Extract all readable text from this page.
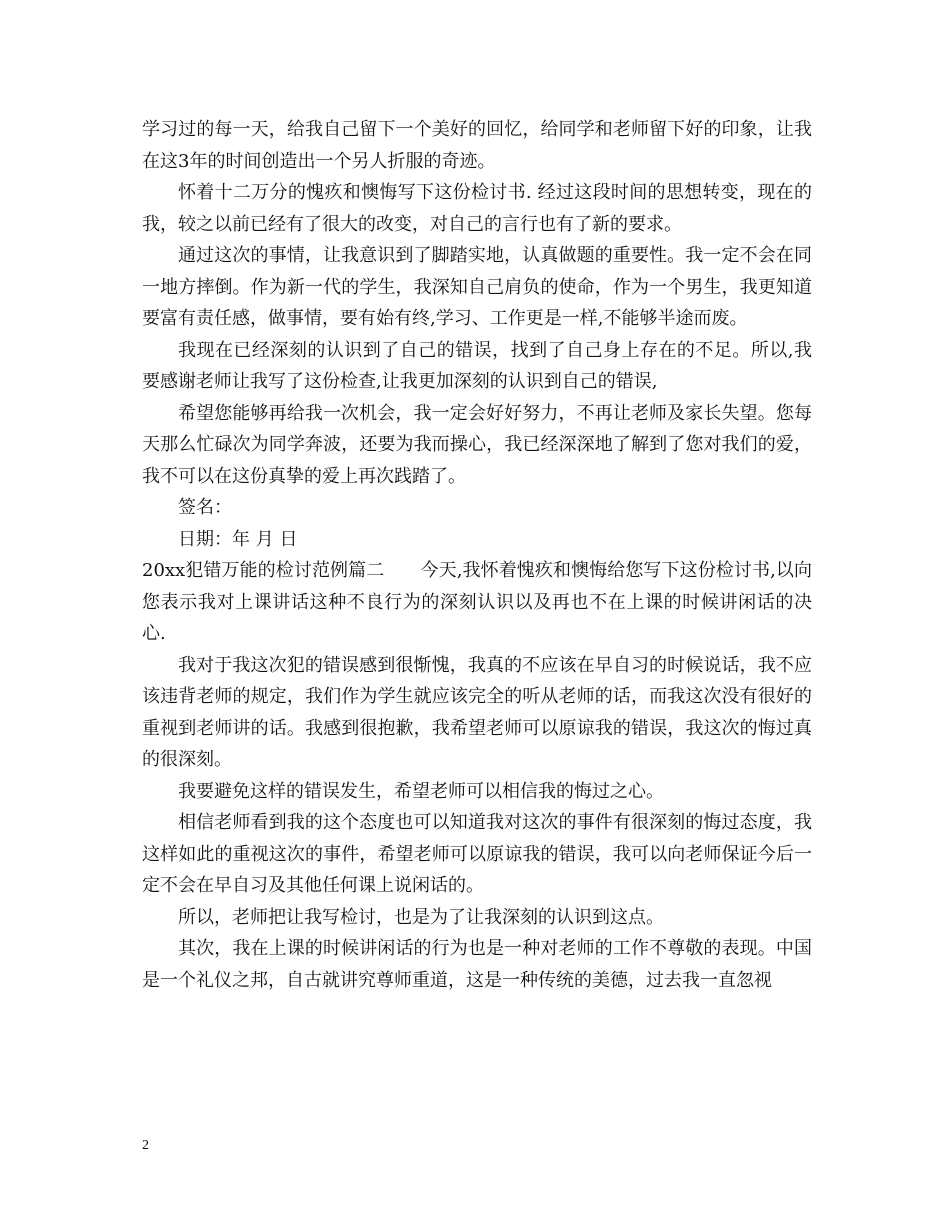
学习过的每一天，给我自己留下一个美好的回忆，给同学和老师留下好的印象，让我在这3年的时间创造出一个另人折服的奇迹。

怀着十二万分的愧疚和懊悔写下这份检讨书. 经过这段时间的思想转变，现在的我，较之以前已经有了很大的改变，对自己的言行也有了新的要求。

通过这次的事情，让我意识到了脚踏实地，认真做题的重要性。我一定不会在同一地方摔倒。作为新一代的学生，我深知自己肩负的使命，作为一个男生，我更知道要富有责任感，做事情，要有始有终,学习、工作更是一样,不能够半途而废。

我现在已经深刻的认识到了自己的错误，找到了自己身上存在的不足。所以,我要感谢老师让我写了这份检查,让我更加深刻的认识到自己的错误,

希望您能够再给我一次机会，我一定会好好努力，不再让老师及家长失望。您每天那么忙碌次为同学奔波，还要为我而操心，我已经深深地了解到了您对我们的爱，我不可以在这份真挚的爱上再次践踏了。

签名：

日期：年 月 日

20xx犯错万能的检讨范例篇二　　今天,我怀着愧疚和懊悔给您写下这份检讨书,以向您表示我对上课讲话这种不良行为的深刻认识以及再也不在上课的时候讲闲话的决心.

我对于我这次犯的错误感到很惭愧，我真的不应该在早自习的时候说话，我不应该违背老师的规定，我们作为学生就应该完全的听从老师的话，而我这次没有很好的重视到老师讲的话。我感到很抱歉，我希望老师可以原谅我的错误，我这次的悔过真的很深刻。

我要避免这样的错误发生，希望老师可以相信我的悔过之心。

相信老师看到我的这个态度也可以知道我对这次的事件有很深刻的悔过态度，我这样如此的重视这次的事件，希望老师可以原谅我的错误，我可以向老师保证今后一定不会在早自习及其他任何课上说闲话的。

所以，老师把让我写检讨，也是为了让我深刻的认识到这点。

其次，我在上课的时候讲闲话的行为也是一种对老师的工作不尊敬的表现。中国是一个礼仪之邦，自古就讲究尊师重道，这是一种传统的美德，过去我一直忽视

2
